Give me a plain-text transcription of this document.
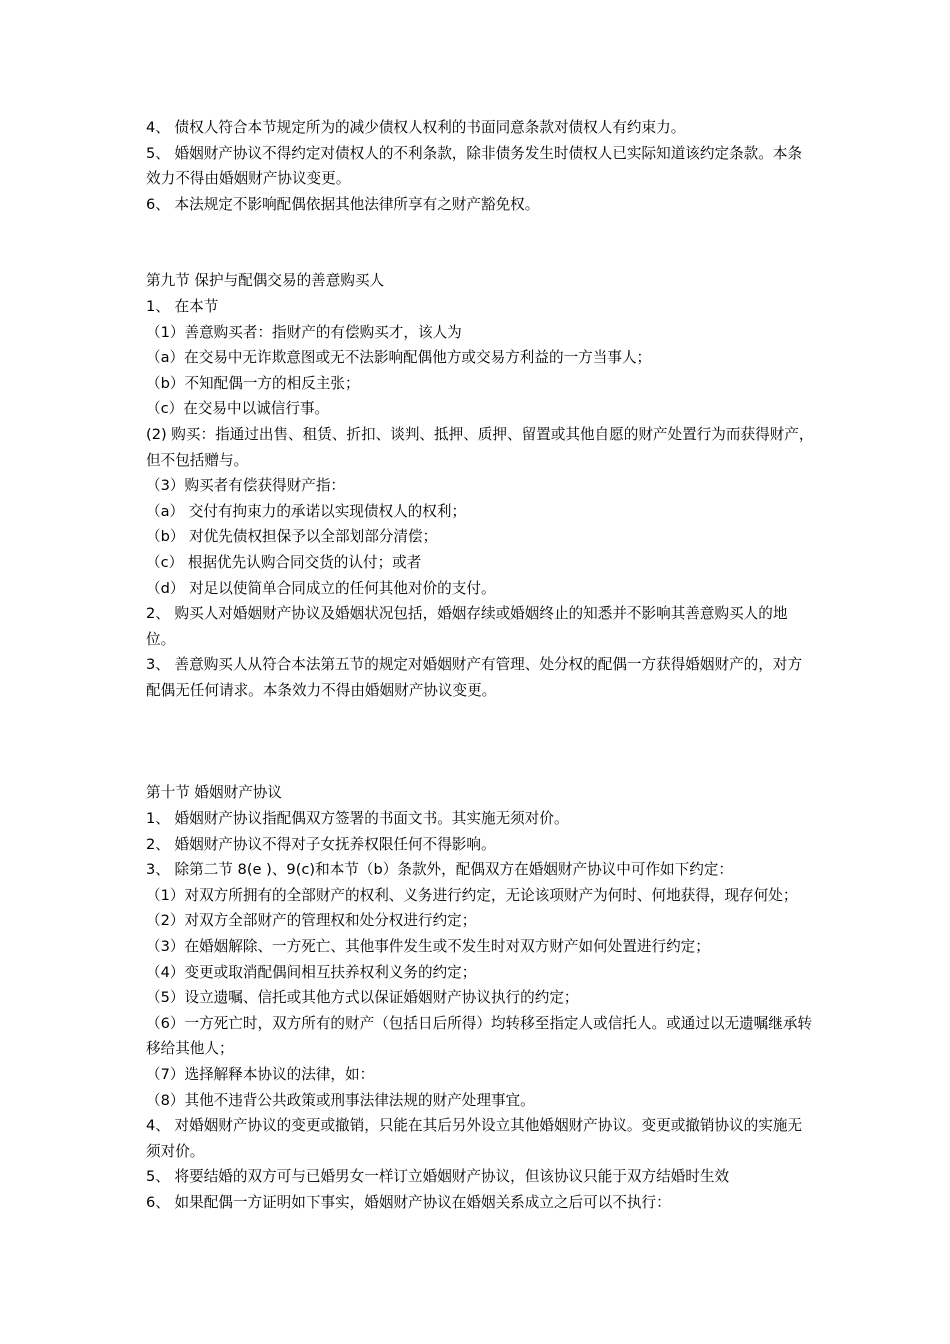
4、 债权人符合本节规定所为的减少债权人权利的书面同意条款对债权人有约束力。

5、 婚姻财产协议不得约定对债权人的不利条款，除非债务发生时债权人已实际知道该约定条款。本条效力不得由婚姻财产协议变更。

6、 本法规定不影响配偶依据其他法律所享有之财产豁免权。

第九节 保护与配偶交易的善意购买人

1、 在本节

（1）善意购买者：指财产的有偿购买才，该人为

（a）在交易中无诈欺意图或无不法影响配偶他方或交易方利益的一方当事人；

（b）不知配偶一方的相反主张；

（c）在交易中以诚信行事。

(2) 购买：指通过出售、租赁、折扣、谈判、抵押、质押、留置或其他自愿的财产处置行为而获得财产，但不包括赠与。

（3）购买者有偿获得财产指：

（a） 交付有拘束力的承诺以实现债权人的权利；

（b） 对优先债权担保予以全部划部分清偿；

（c） 根据优先认购合同交货的认付；或者

（d） 对足以使简单合同成立的任何其他对价的支付。

2、 购买人对婚姻财产协议及婚姻状况包括，婚姻存续或婚姻终止的知悉并不影响其善意购买人的地位。

3、 善意购买人从符合本法第五节的规定对婚姻财产有管理、处分权的配偶一方获得婚姻财产的，对方配偶无任何请求。本条效力不得由婚姻财产协议变更。

第十节 婚姻财产协议

1、 婚姻财产协议指配偶双方签署的书面文书。其实施无须对价。

2、 婚姻财产协议不得对子女抚养权限任何不得影响。

3、 除第二节 8(e )、9(c)和本节（b）条款外，配偶双方在婚姻财产协议中可作如下约定：

（1）对双方所拥有的全部财产的权利、义务进行约定，无论该项财产为何时、何地获得，现存何处；

（2）对双方全部财产的管理权和处分权进行约定；

（3）在婚姻解除、一方死亡、其他事件发生或不发生时对双方财产如何处置进行约定；

（4）变更或取消配偶间相互扶养权利义务的约定；

（5）设立遗嘱、信托或其他方式以保证婚姻财产协议执行的约定；

（6）一方死亡时，双方所有的财产（包括日后所得）均转移至指定人或信托人。或通过以无遗嘱继承转移给其他人；

（7）选择解释本协议的法律，如：

（8）其他不违背公共政策或刑事法律法规的财产处理事宜。

4、 对婚姻财产协议的变更或撤销，只能在其后另外设立其他婚姻财产协议。变更或撤销协议的实施无须对价。

5、 将要结婚的双方可与已婚男女一样订立婚姻财产协议，但该协议只能于双方结婚时生效

6、 如果配偶一方证明如下事实，婚姻财产协议在婚姻关系成立之后可以不执行：
